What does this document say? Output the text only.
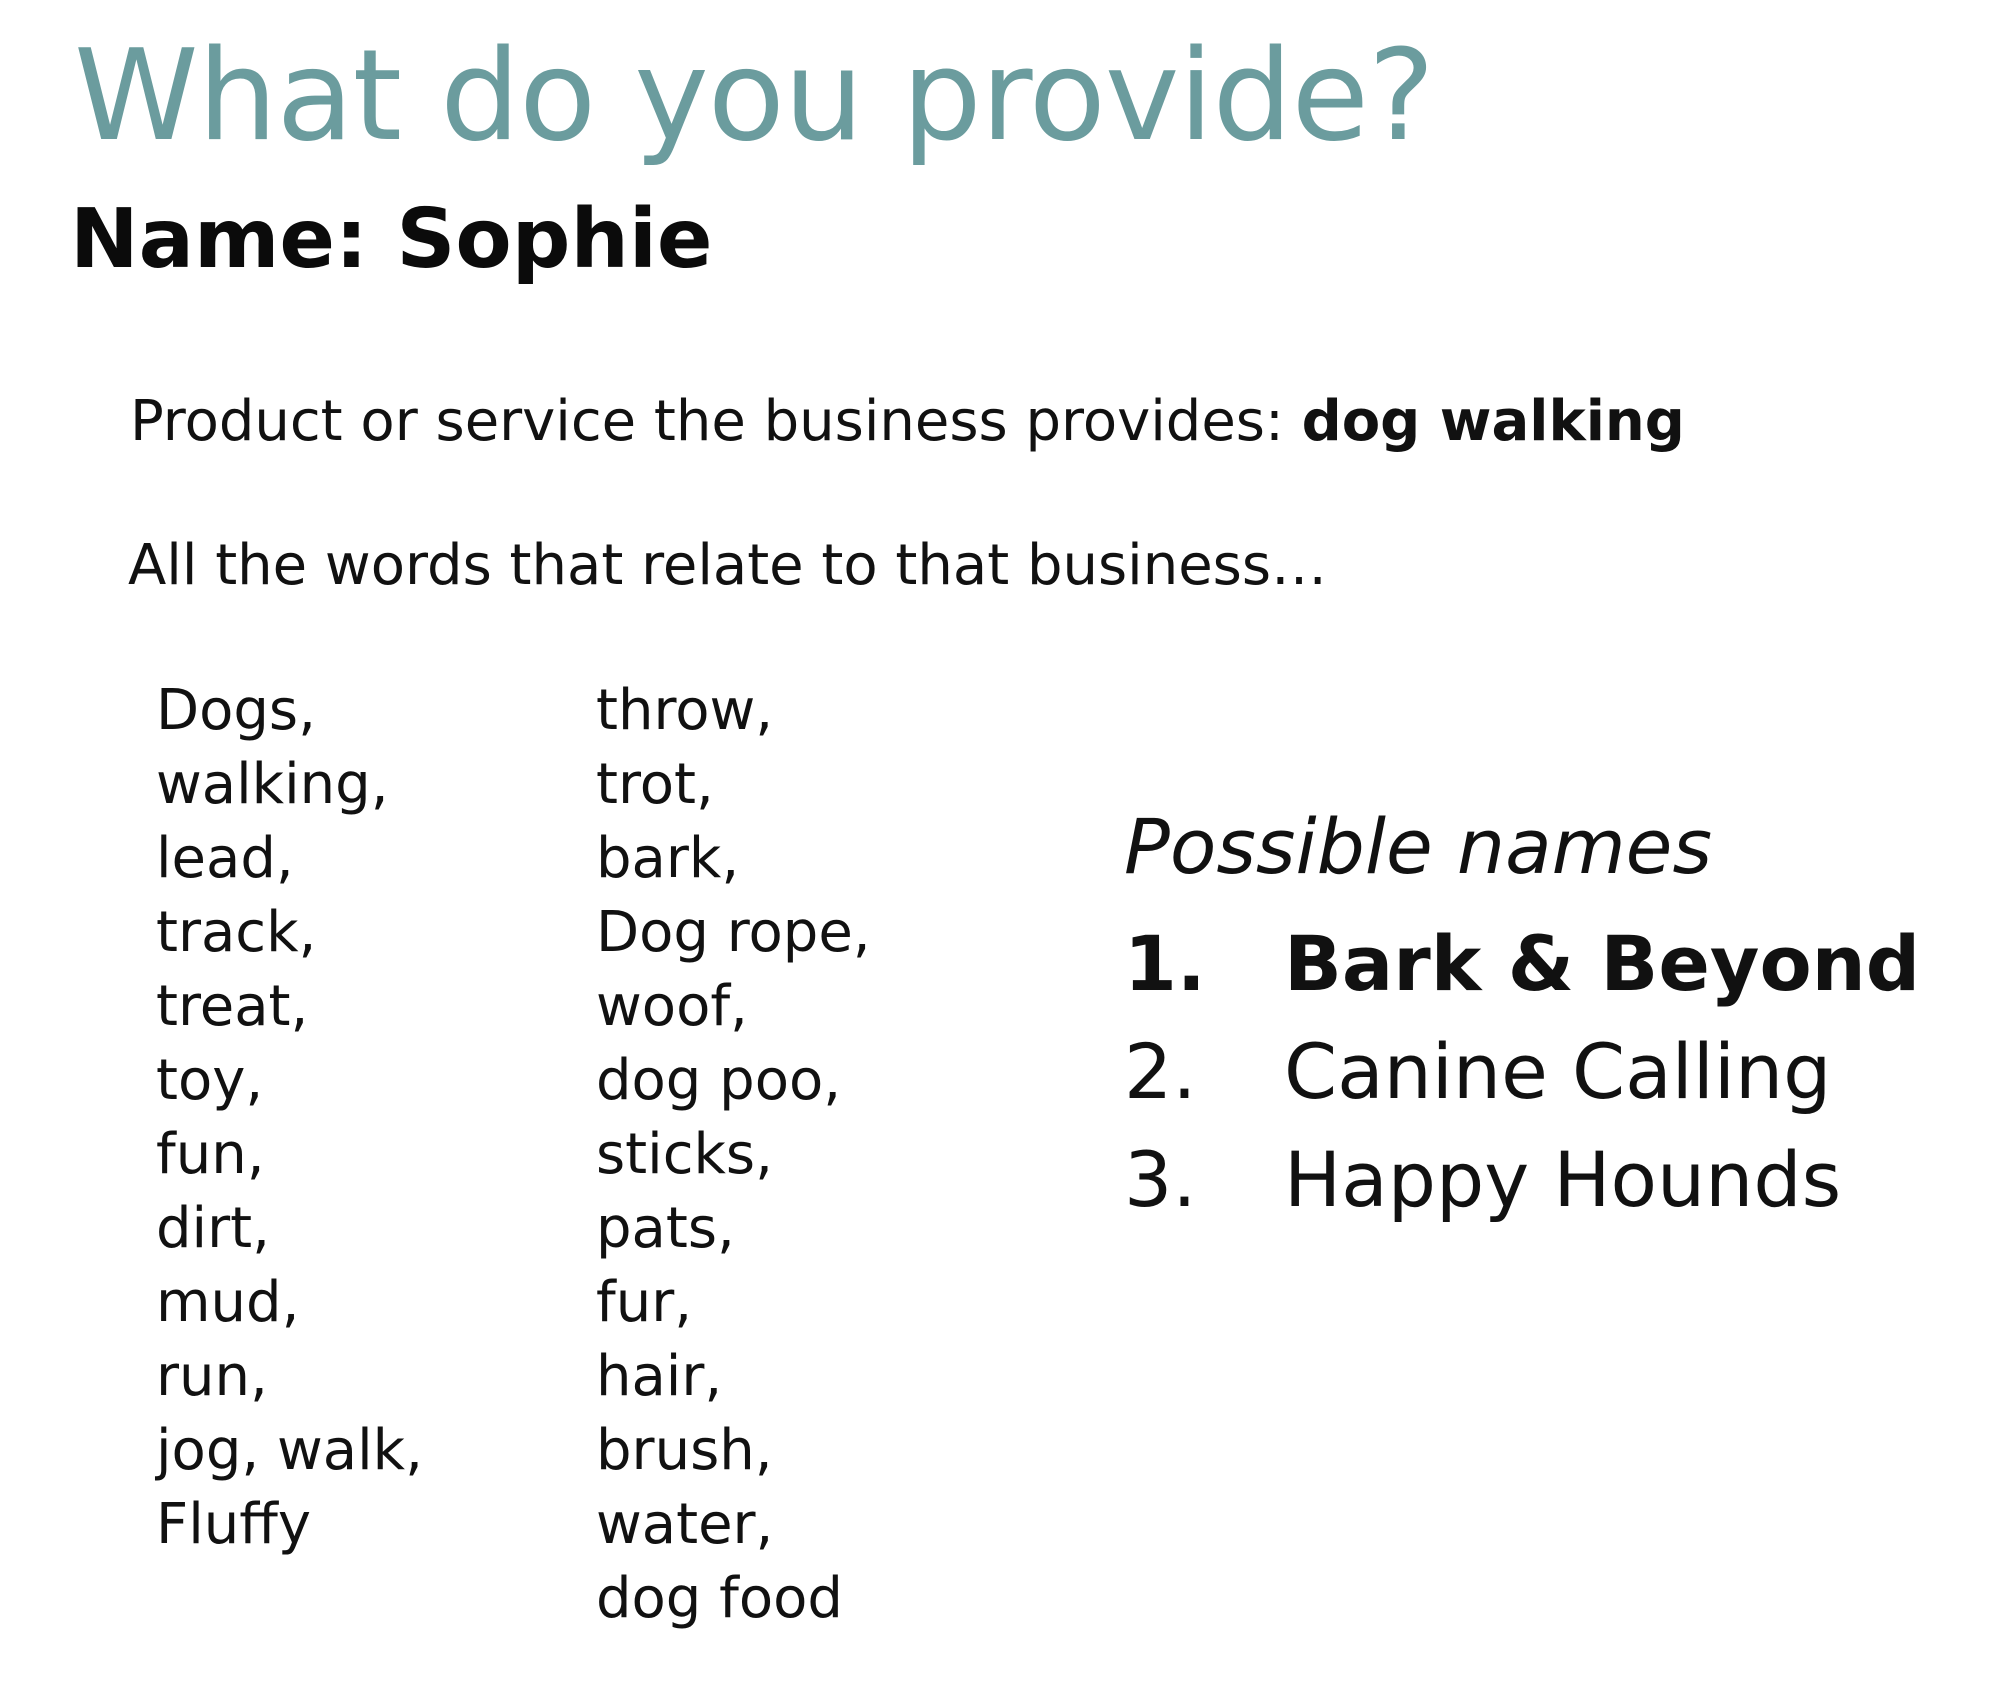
What do you provide?
Name: Sophie
Product or service the business provides: dog walking
All the words that relate to that business…
Dogs,
walking,
lead,
track,
treat,
toy,
fun,
dirt,
mud,
run,
jog, walk,
Fluffy
throw,
trot,
bark,
Dog rope,
woof,
dog poo,
sticks,
pats,
fur,
hair,
brush,
water,
dog food
Possible names
1.	Bark & Beyond
2.	Canine Calling
3.	Happy Hounds
